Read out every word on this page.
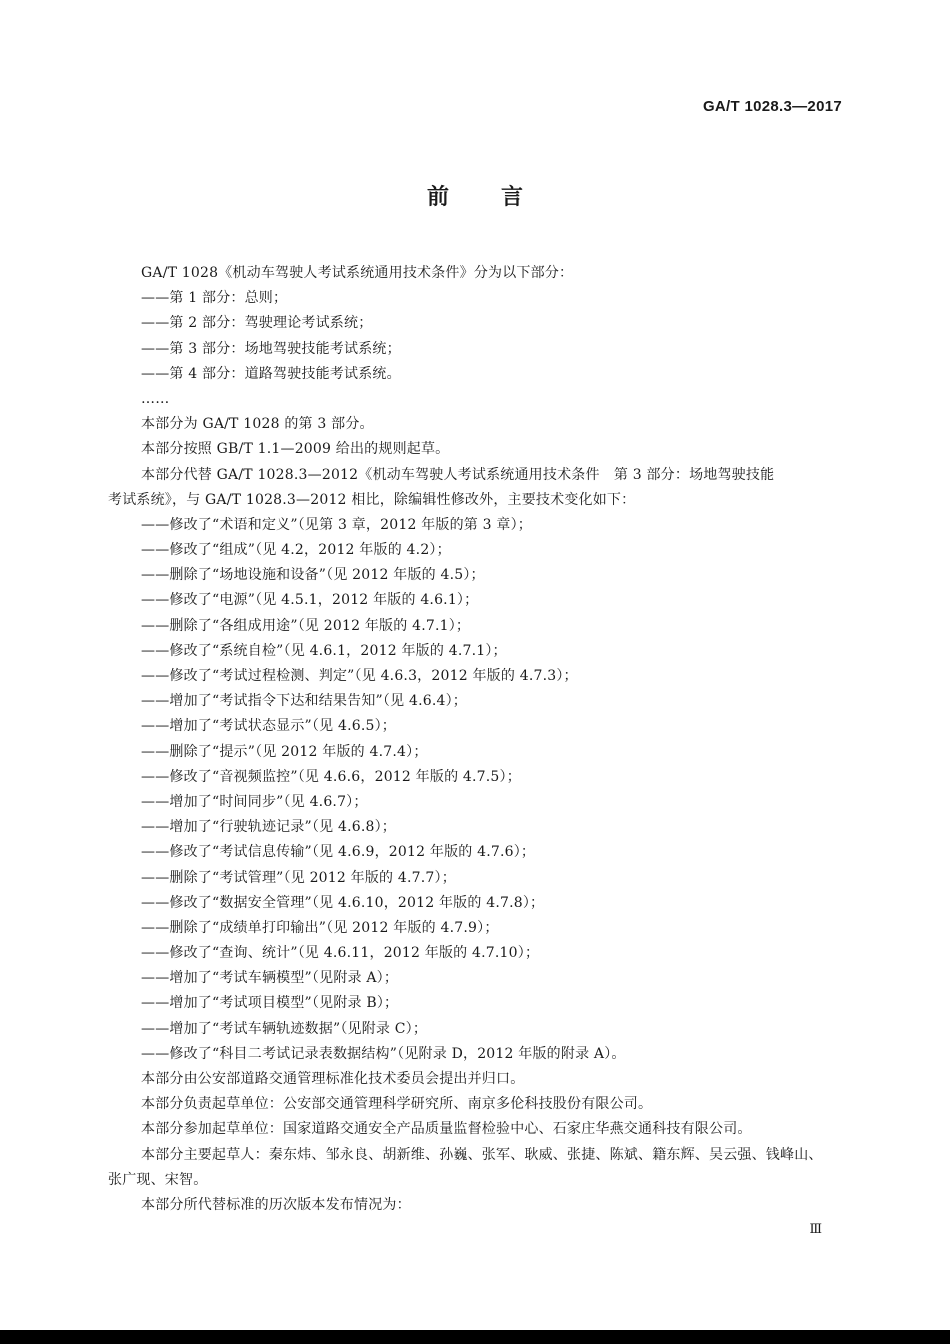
GA/T 1028.3—2017
前言
GA/T 1028《机动车驾驶人考试系统通用技术条件》分为以下部分：
——第 1 部分：总则；
——第 2 部分：驾驶理论考试系统；
——第 3 部分：场地驾驶技能考试系统；
——第 4 部分：道路驾驶技能考试系统。
……
本部分为 GA/T 1028 的第 3 部分。
本部分按照 GB/T 1.1—2009 给出的规则起草。
本部分代替 GA/T 1028.3—2012《机动车驾驶人考试系统通用技术条件　第 3 部分：场地驾驶技能
考试系统》，与 GA/T 1028.3—2012 相比，除编辑性修改外，主要技术变化如下：
——修改了“术语和定义”（见第 3 章，2012 年版的第 3 章）；
——修改了“组成”（见 4.2，2012 年版的 4.2）；
——删除了“场地设施和设备”（见 2012 年版的 4.5）；
——修改了“电源”（见 4.5.1，2012 年版的 4.6.1）；
——删除了“各组成用途”（见 2012 年版的 4.7.1）；
——修改了“系统自检”（见 4.6.1，2012 年版的 4.7.1）；
——修改了“考试过程检测、判定”（见 4.6.3，2012 年版的 4.7.3）；
——增加了“考试指令下达和结果告知”（见 4.6.4）；
——增加了“考试状态显示”（见 4.6.5）；
——删除了“提示”（见 2012 年版的 4.7.4）；
——修改了“音视频监控”（见 4.6.6，2012 年版的 4.7.5）；
——增加了“时间同步”（见 4.6.7）；
——增加了“行驶轨迹记录”（见 4.6.8）；
——修改了“考试信息传输”（见 4.6.9，2012 年版的 4.7.6）；
——删除了“考试管理”（见 2012 年版的 4.7.7）；
——修改了“数据安全管理”（见 4.6.10，2012 年版的 4.7.8）；
——删除了“成绩单打印输出”（见 2012 年版的 4.7.9）；
——修改了“查询、统计”（见 4.6.11，2012 年版的 4.7.10）；
——增加了“考试车辆模型”（见附录 A）；
——增加了“考试项目模型”（见附录 B）；
——增加了“考试车辆轨迹数据”（见附录 C）；
——修改了“科目二考试记录表数据结构”（见附录 D，2012 年版的附录 A）。
本部分由公安部道路交通管理标准化技术委员会提出并归口。
本部分负责起草单位：公安部交通管理科学研究所、南京多伦科技股份有限公司。
本部分参加起草单位：国家道路交通安全产品质量监督检验中心、石家庄华燕交通科技有限公司。
本部分主要起草人：秦东炜、邹永良、胡新维、孙巍、张军、耿威、张捷、陈斌、籍东辉、吴云强、钱峰山、
张广现、宋智。
本部分所代替标准的历次版本发布情况为：
Ⅲ
